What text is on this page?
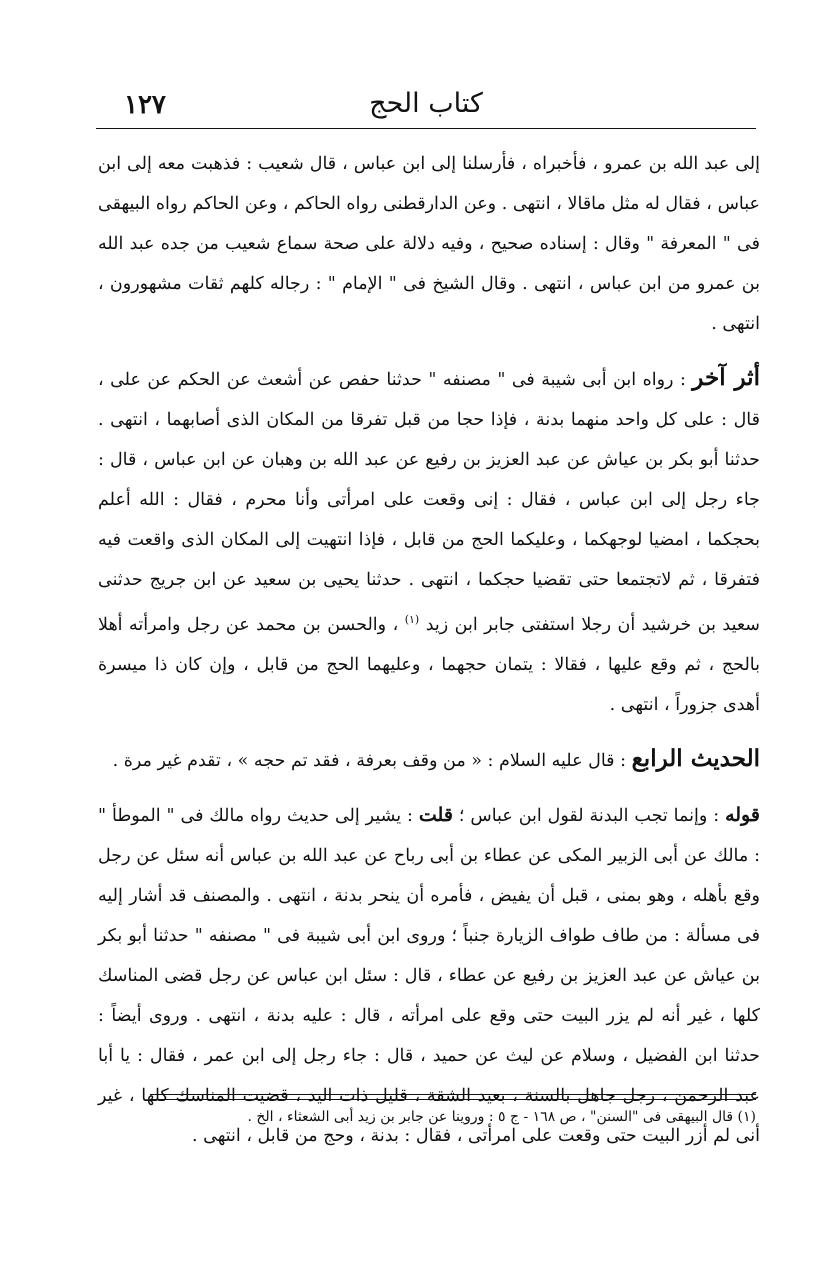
كتاب الحج
١٢٧

إلى عبد الله بن عمرو ، فأخبراه ، فأرسلنا إلى ابن عباس ، قال شعيب : فذهبت معه إلى ابن عباس ، فقال له مثل ماقالا ، انتهى . وعن الدارقطنى رواه الحاكم ، وعن الحاكم رواه البيهقى فى " المعرفة " وقال : إسناده صحيح ، وفيه دلالة على صحة سماع شعيب من جده عبد الله بن عمرو من ابن عباس ، انتهى . وقال الشيخ فى " الإمام " : رجاله كلهم ثقات مشهورون ، انتهى .

أثر آخر : رواه ابن أبى شيبة فى " مصنفه " حدثنا حفص عن أشعث عن الحكم عن على ، قال : على كل واحد منهما بدنة ، فإذا حجا من قبل تفرقا من المكان الذى أصابهما ، انتهى . حدثنا أبو بكر بن عياش عن عبد العزيز بن رفيع عن عبد الله بن وهبان عن ابن عباس ، قال : جاء رجل إلى ابن عباس ، فقال : إنى وقعت على امرأتى وأنا محرم ، فقال : الله أعلم بحجكما ، امضيا لوجهكما ، وعليكما الحج من قابل ، فإذا انتهيت إلى المكان الذى واقعت فيه فتفرقا ، ثم لاتجتمعا حتى تقضيا حجكما ، انتهى . حدثنا يحيى بن سعيد عن ابن جريج حدثنى سعيد بن خرشيد أن رجلا استفتى جابر ابن زيد $^{(١)}$ ، والحسن بن محمد عن رجل وامرأته أهلا بالحج ، ثم وقع عليها ، فقالا : يتمان حجهما ، وعليهما الحج من قابل ، وإن كان ذا ميسرة أهدى جزوراً ، انتهى .

الحديث الرابع : قال عليه السلام : « من وقف بعرفة ، فقد تم حجه » ، تقدم غير مرة .

قوله : وإنما تجب البدنة لقول ابن عباس ؛ قلت : يشير إلى حديث رواه مالك فى " الموطأ " : مالك عن أبى الزبير المكى عن عطاء بن أبى رباح عن عبد الله بن عباس أنه سئل عن رجل وقع بأهله ، وهو بمنى ، قبل أن يفيض ، فأمره أن ينحر بدنة ، انتهى . والمصنف قد أشار إليه فى مسألة : من طاف طواف الزيارة جنباً ؛ وروى ابن أبى شيبة فى " مصنفه " حدثنا أبو بكر بن عياش عن عبد العزيز بن رفيع عن عطاء ، قال : سئل ابن عباس عن رجل قضى المناسك كلها ، غير أنه لم يزر البيت حتى وقع على امرأته ، قال : عليه بدنة ، انتهى . وروى أيضاً : حدثنا ابن الفضيل ، وسلام عن ليث عن حميد ، قال : جاء رجل إلى ابن عمر ، فقال : يا أبا عبد الرحمن ، رجل جاهل بالسنة ، بعيد الشقة ، قليل ذات اليد ، قضيت المناسك كلها ، غير أنى لم أزر البيت حتى وقعت على امرأتى ، فقال : بدنة ، وحج من قابل ، انتهى .

(١) قال البيهقى فى "السنن" ، ص ١٦٨ - ج ٥ : وروينا عن جابر بن زيد أبى الشعثاء ، الخ .
